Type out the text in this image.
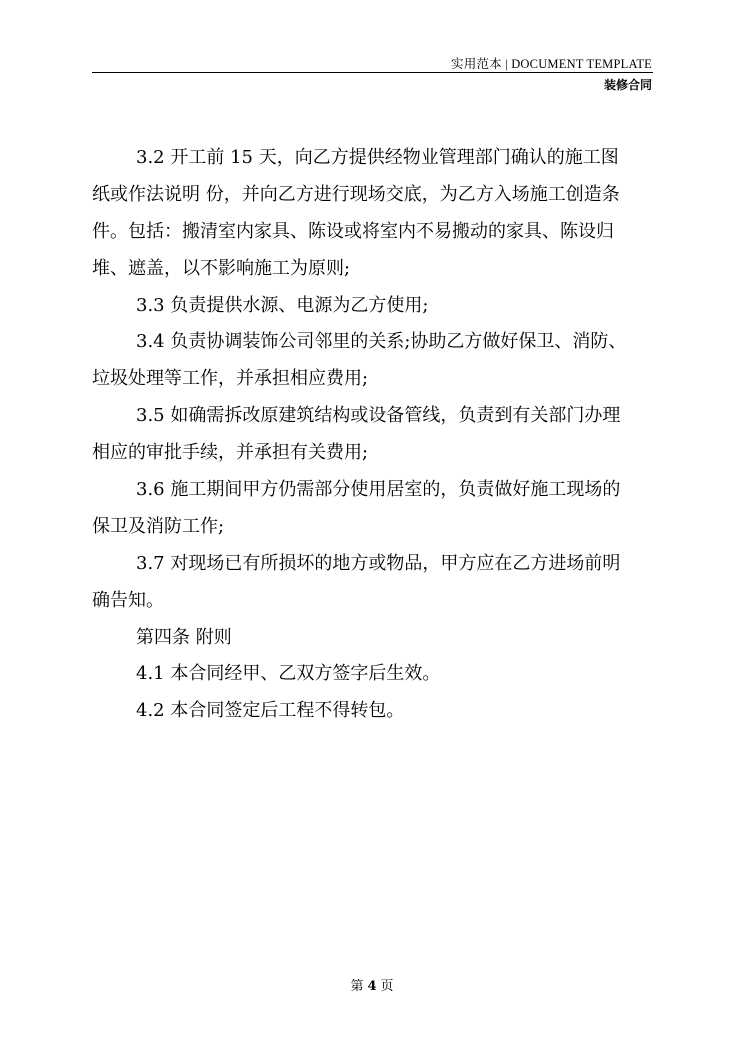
实用范本 | DOCUMENT TEMPLATE
装修合同
3.2 开工前 15 天，向乙方提供经物业管理部门确认的施工图
纸或作法说明 份，并向乙方进行现场交底，为乙方入场施工创造条
件。包括：搬清室内家具、陈设或将室内不易搬动的家具、陈设归
堆、遮盖，以不影响施工为原则;
3.3 负责提供水源、电源为乙方使用;
3.4 负责协调装饰公司邻里的关系;协助乙方做好保卫、消防、
垃圾处理等工作，并承担相应费用;
3.5 如确需拆改原建筑结构或设备管线，负责到有关部门办理
相应的审批手续，并承担有关费用;
3.6 施工期间甲方仍需部分使用居室的，负责做好施工现场的
保卫及消防工作;
3.7 对现场已有所损坏的地方或物品，甲方应在乙方进场前明
确告知。
第四条 附则
4.1 本合同经甲、乙双方签字后生效。
4.2 本合同签定后工程不得转包。
第 4 页
